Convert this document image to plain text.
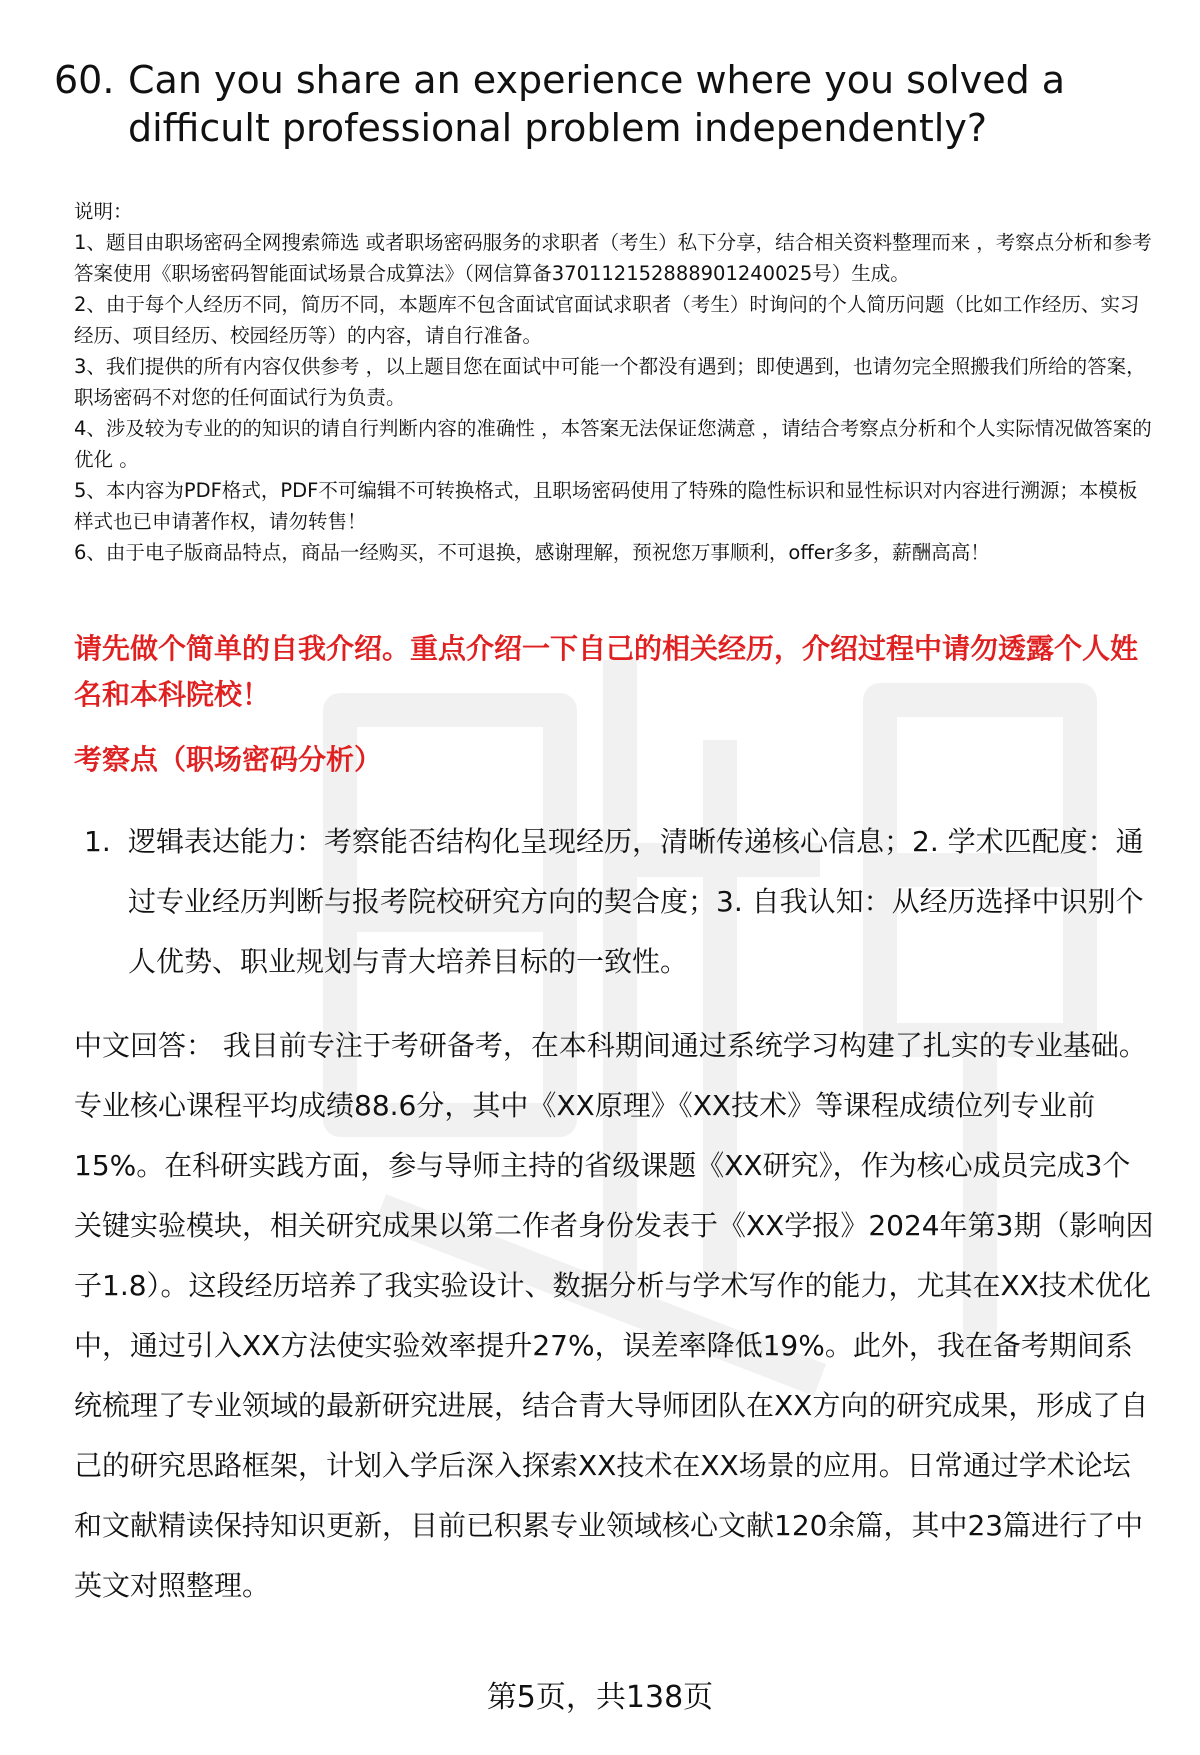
60. Can you share an experience where you solved a difficult professional problem independently?

说明：

1、题目由职场密码全网搜索筛选 或者职场密码服务的求职者（考生）私下分享，结合相关资料整理而来 ，考察点分析和参考答案使用《职场密码智能面试场景合成算法》（网信算备370112152888901240025号）生成。

2、由于每个人经历不同，简历不同，本题库不包含面试官面试求职者（考生）时询问的个人简历问题（比如工作经历、实习经历、项目经历、校园经历等）的内容，请自行准备。

3、我们提供的所有内容仅供参考 ，以上题目您在面试中可能一个都没有遇到；即使遇到，也请勿完全照搬我们所给的答案，职场密码不对您的任何面试行为负责。

4、涉及较为专业的的知识的请自行判断内容的准确性 ，本答案无法保证您满意 ，请结合考察点分析和个人实际情况做答案的优化 。

5、本内容为PDF格式，PDF不可编辑不可转换格式，且职场密码使用了特殊的隐性标识和显性标识对内容进行溯源；本模板样式也已申请著作权，请勿转售！

6、由于电子版商品特点，商品一经购买，不可退换，感谢理解，预祝您万事顺利，offer多多，薪酬高高！

请先做个简单的自我介绍。重点介绍一下自己的相关经历，介绍过程中请勿透露个人姓名和本科院校！
考察点（职场密码分析）
1. 逻辑表达能力：考察能否结构化呈现经历，清晰传递核心信息；2. 学术匹配度：通过专业经历判断与报考院校研究方向的契合度；3. 自我认知：从经历选择中识别个人优势、职业规划与青大培养目标的一致性。
中文回答： 我目前专注于考研备考，在本科期间通过系统学习构建了扎实的专业基础。专业核心课程平均成绩88.6分，其中《XX原理》《XX技术》等课程成绩位列专业前15%。在科研实践方面，参与导师主持的省级课题《XX研究》，作为核心成员完成3个关键实验模块，相关研究成果以第二作者身份发表于《XX学报》2024年第3期（影响因子1.8）。这段经历培养了我实验设计、数据分析与学术写作的能力，尤其在XX技术优化中，通过引入XX方法使实验效率提升27%，误差率降低19%。此外，我在备考期间系统梳理了专业领域的最新研究进展，结合青大导师团队在XX方向的研究成果，形成了自己的研究思路框架，计划入学后深入探索XX技术在XX场景的应用。日常通过学术论坛和文献精读保持知识更新，目前已积累专业领域核心文献120余篇，其中23篇进行了中英文对照整理。
第5页，共138页
